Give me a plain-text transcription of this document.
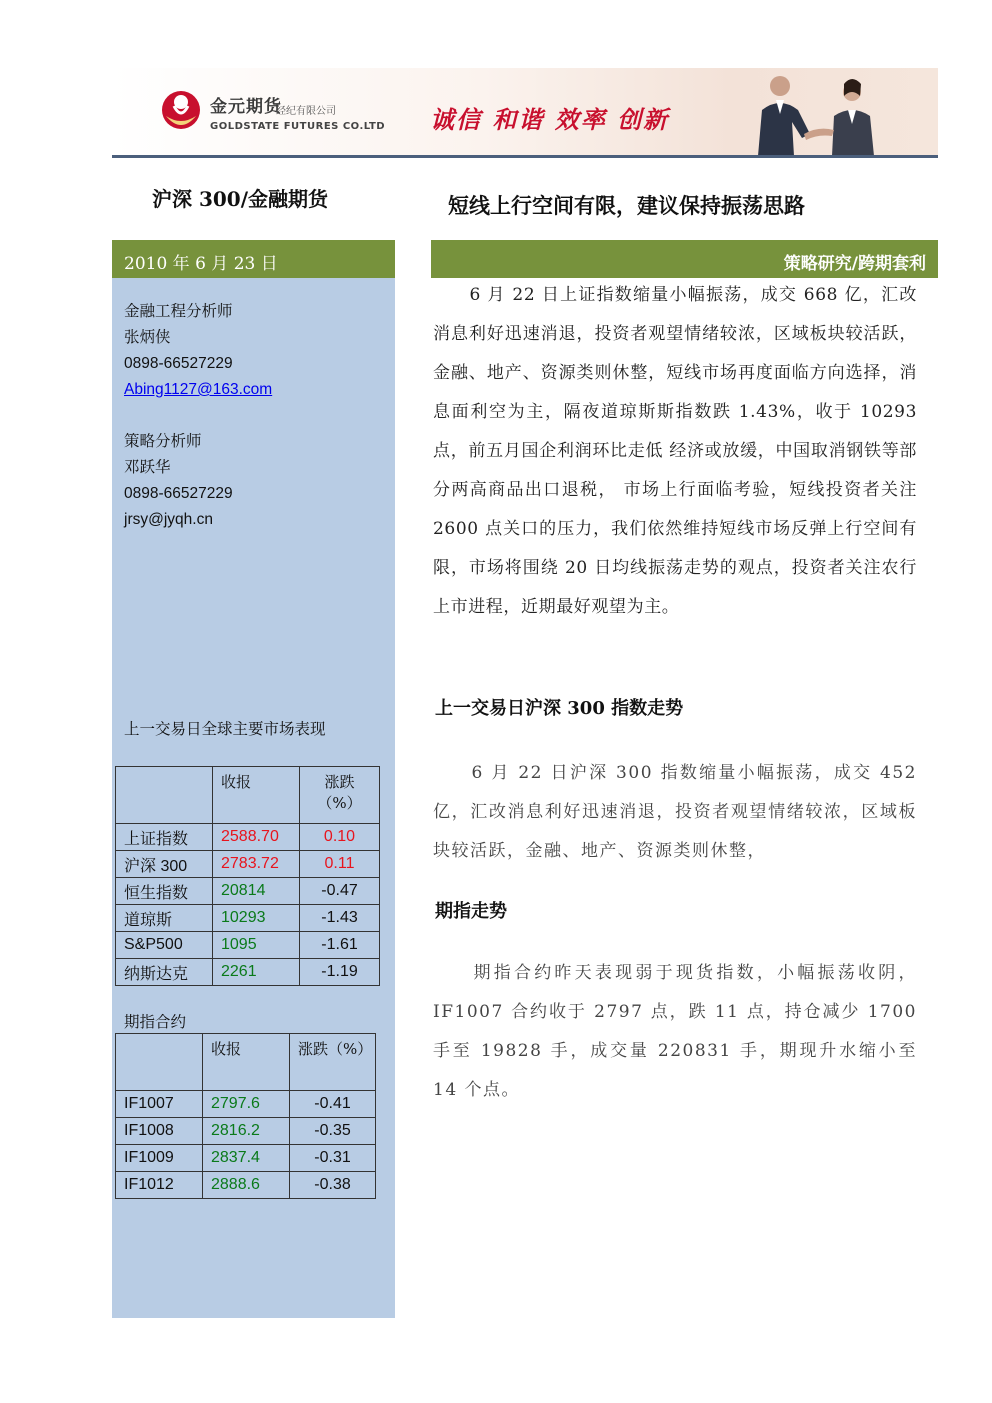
金元期货
经纪有限公司
GOLDSTATE FUTURES CO.LTD 诚信 和谐 效率 创新
沪深 300/金融期货	短线上行空间有限，建议保持振荡思路
2010 年 6 月 23 日
金融工程分析师
张炳侠
0898-66527229
Abing1127@163.com
策略分析师
邓跃华
0898-66527229
jrsy@jyqh.cn
上一交易日全球主要市场表现
	收报	涨跌（%）
上证指数	2588.70	0.10
沪深 300	2783.72	0.11
恒生指数	20814	-0.47
道琼斯	10293	-1.43
S&P500	1095	-1.61
纳斯达克	2261	-1.19
期指合约
	收报	涨跌（%）
IF1007	2797.6	-0.41
IF1008	2816.2	-0.35
IF1009	2837.4	-0.31
IF1012	2888.6	-0.38
策略研究/跨期套利
　　6 月 22 日上证指数缩量小幅振荡，成交 668 亿，汇改消息利好迅速消退，投资者观望情绪较浓，区域板块较活跃，金融、地产、资源类则休整，短线市场再度面临方向选择，消息面利空为主，隔夜道琼斯斯指数跌 1.43%，收于 10293 点，前五月国企利润环比走低 经济或放缓，中国取消钢铁等部分两高商品出口退税， 市场上行面临考验，短线投资者关注 2600 点关口的压力，我们依然维持短线市场反弹上行空间有限，市场将围绕 20 日均线振荡走势的观点，投资者关注农行上市进程，近期最好观望为主。
上一交易日沪深 300 指数走势
　　6 月 22 日沪深 300 指数缩量小幅振荡，成交 452 亿，汇改消息利好迅速消退，投资者观望情绪较浓，区域板块较活跃，金融、地产、资源类则休整，
期指走势
　　期指合约昨天表现弱于现货指数，小幅振荡收阴，IF1007 合约收于 2797 点，跌 11 点，持仓减少 1700 手至 19828 手，成交量 220831 手，期现升水缩小至 14 个点。
